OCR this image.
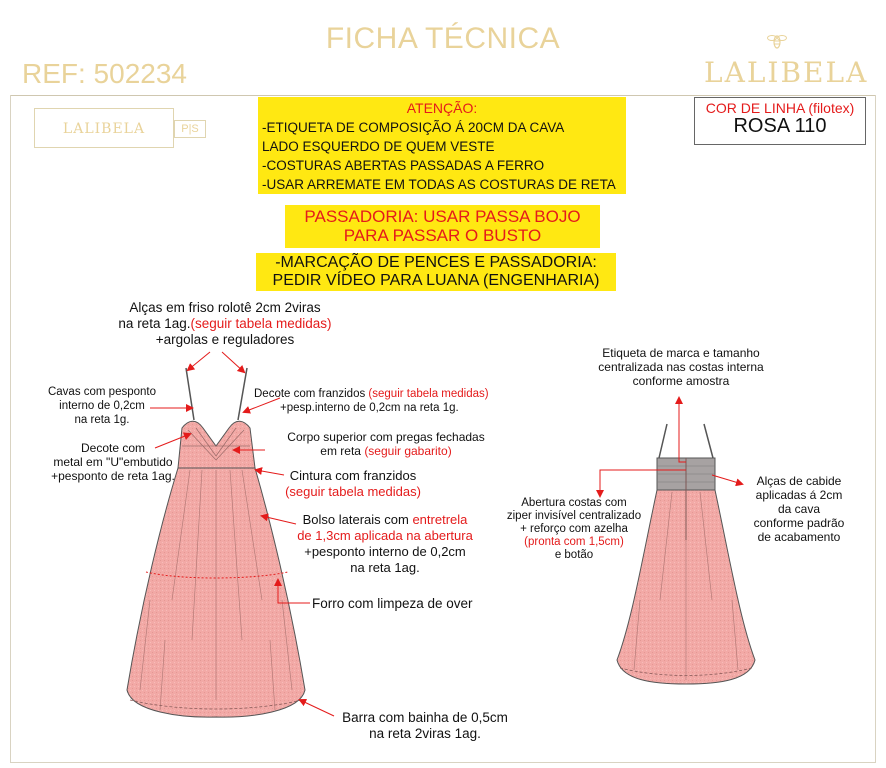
FICHA TÉCNICA
REF: 502234	LALIBELA
LALIBELA	P|S
ATENÇÃO:
-ETIQUETA DE COMPOSIÇÃO Á 20CM DA CAVA
LADO ESQUERDO DE QUEM VESTE
-COSTURAS ABERTAS PASSADAS A FERRO
-USAR ARREMATE EM TODAS AS COSTURAS DE RETA
COR DE LINHA (filotex)
ROSA 110
PASSADORIA: USAR PASSA BOJO
PARA PASSAR O BUSTO
-MARCAÇÃO DE PENCES E PASSADORIA:
PEDIR VÍDEO PARA LUANA (ENGENHARIA)
Alças em friso rolotê 2cm 2viras
na reta 1ag.(seguir tabela medidas)
+argolas e reguladores
Cavas com pesponto
interno de 0,2cm
na reta 1g.
Decote com franzidos (seguir tabela medidas)
+pesp.interno de 0,2cm na reta 1g.
Decote com
metal em "U"embutido
+pesponto de reta 1ag.
Corpo superior com pregas fechadas
em reta (seguir gabarito)
Cintura com franzidos
(seguir tabela medidas)
Bolso laterais com entretrela
de 1,3cm aplicada na abertura
+pesponto interno de 0,2cm
na reta 1ag.
Forro com limpeza de over
Barra com bainha de 0,5cm
na reta 2viras 1ag.
Etiqueta de marca e tamanho
centralizada nas costas interna
conforme amostra
Abertura costas com
ziper invisível centralizado
+ reforço com azelha
(pronta com 1,5cm)
e botão
Alças de cabide
aplicadas á 2cm
da cava
conforme padrão
de acabamento
